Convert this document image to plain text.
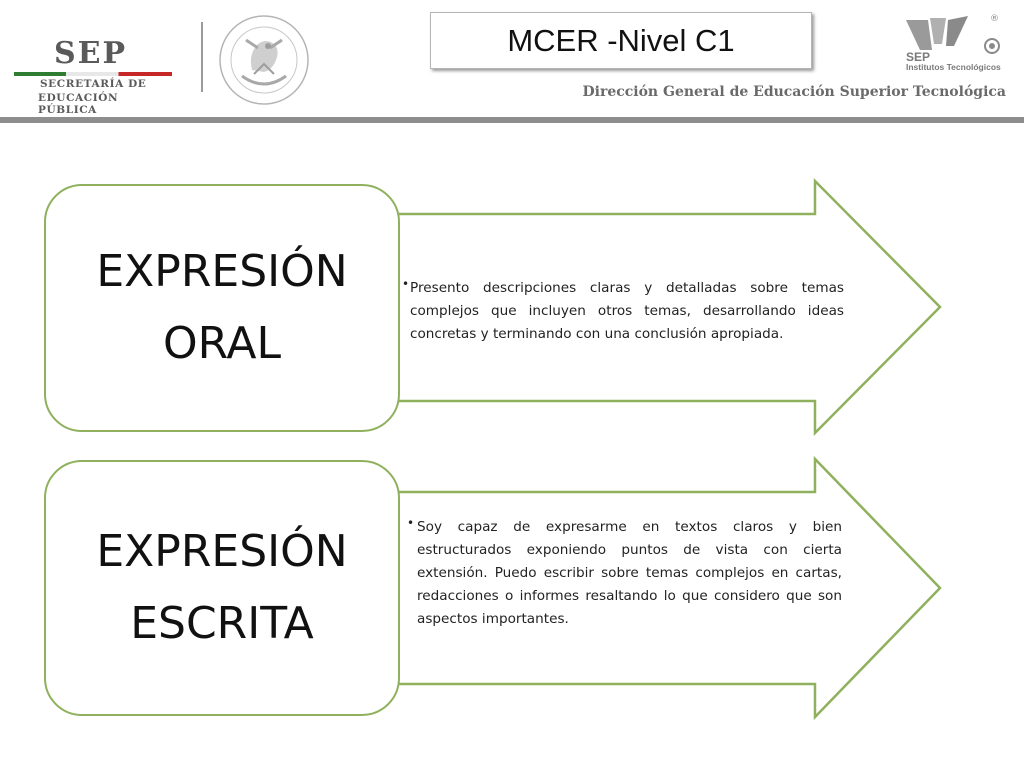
SEP
SECRETARÍA DE
EDUCACIÓN PÚBLICA
MCER -Nivel C1
®
SEP
Institutos Tecnológicos
Dirección General de Educación Superior Tecnológica
EXPRESIÓN
ORAL
• Presento descripciones claras y detalladas sobre temas complejos que incluyen otros temas, desarrollando ideas concretas y terminando con una conclusión apropiada.
EXPRESIÓN
ESCRITA
• Soy capaz de expresarme en textos claros y bien estructurados exponiendo puntos de vista con cierta extensión. Puedo escribir sobre temas complejos en cartas, redacciones o informes resaltando lo que considero que son aspectos importantes.
